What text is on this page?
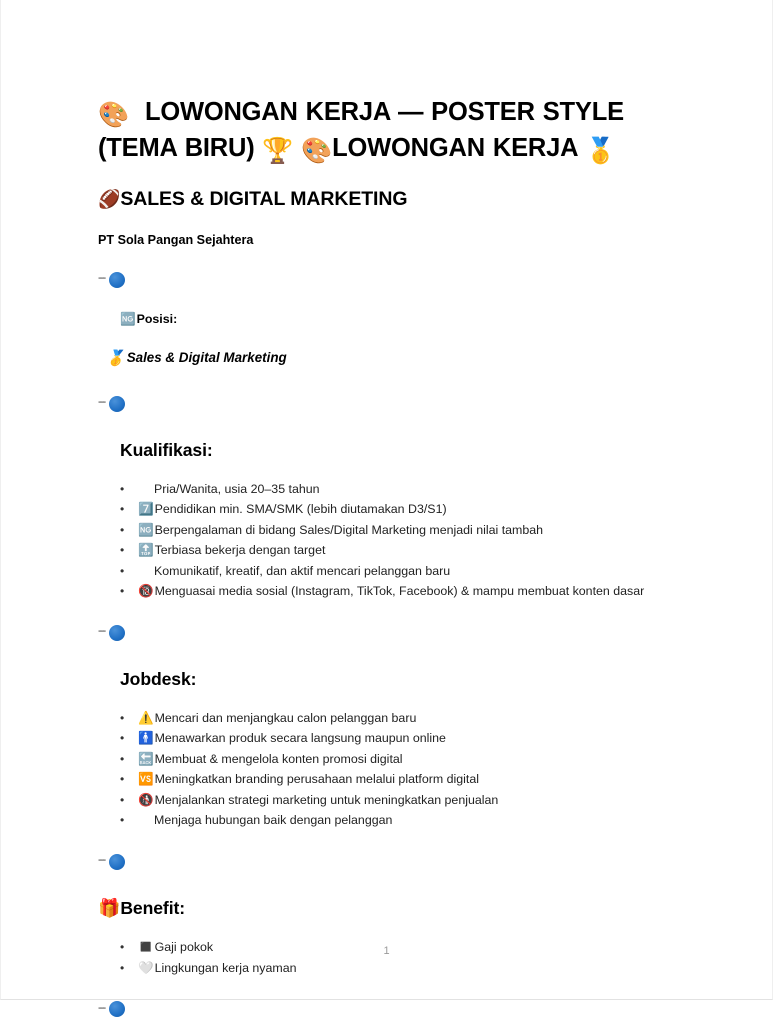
🎨 LOWONGAN KERJA — POSTER STYLE (TEMA BIRU) 🏆 🎨LOWONGAN KERJA 🥇
🏈SALES & DIGITAL MARKETING

PT Sola Pangan Sejahtera

---

🆖 Posisi:

🥇 Sales & Digital Marketing

---
Kualifikasi:
•	Pria/Wanita, usia 20–35 tahun
•	7️⃣ Pendidikan min. SMA/SMK (lebih diutamakan D3/S1)
•	🆖 Berpengalaman di bidang Sales/Digital Marketing menjadi nilai tambah
•	🔝 Terbiasa bekerja dengan target
•	Komunikatif, kreatif, dan aktif mencari pelanggan baru
•	🔞 Menguasai media sosial (Instagram, TikTok, Facebook) & mampu membuat konten dasar
---
Jobdesk:
•	⚠️ Mencari dan menjangkau calon pelanggan baru
•	🚹 Menawarkan produk secara langsung maupun online
•	🔙 Membuat & mengelola konten promosi digital
•	🆚 Meningkatkan branding perusahaan melalui platform digital
•	🚯 Menjalankan strategi marketing untuk meningkatkan penjualan
•	Menjaga hubungan baik dengan pelanggan
---
🎁 Benefit:
•	◼️ Gaji pokok
•	🤍 Lingkungan kerja nyaman
---
1
